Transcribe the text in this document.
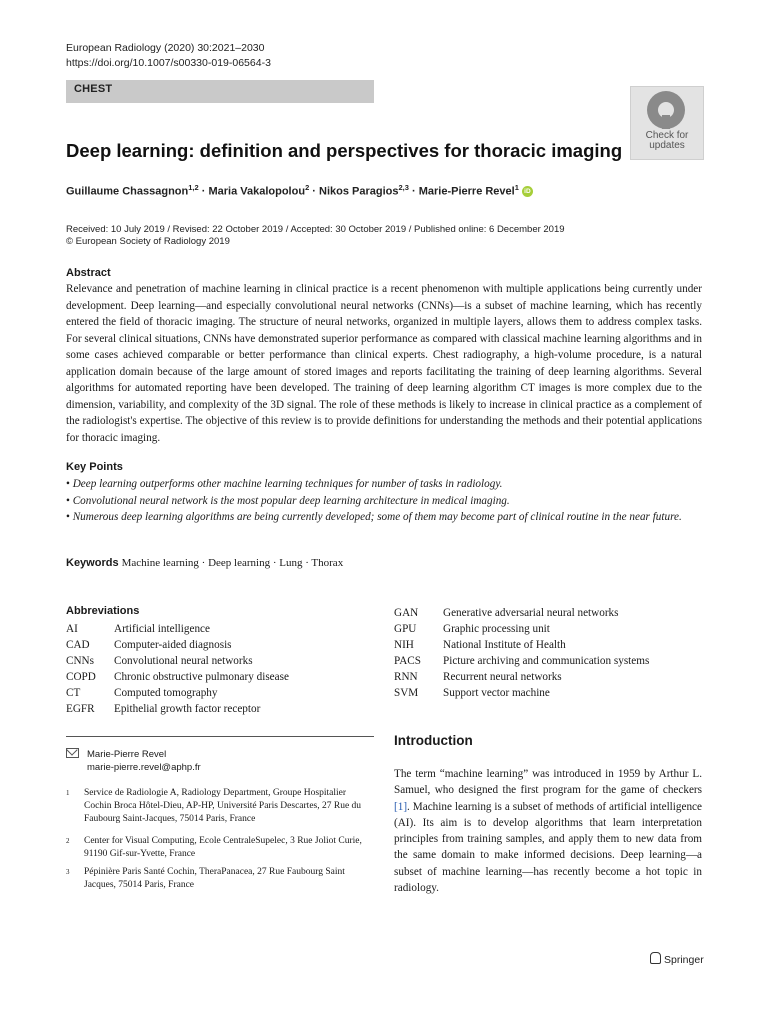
European Radiology (2020) 30:2021–2030
https://doi.org/10.1007/s00330-019-06564-3
CHEST
Check for
updates
Deep learning: definition and perspectives for thoracic imaging
Guillaume Chassagnon$^{1,2}$ · Maria Vakalopolou$^2$ · Nikos Paragios$^{2,3}$ · Marie-Pierre Revel$^1$ iD
Received: 10 July 2019 / Revised: 22 October 2019 / Accepted: 30 October 2019 / Published online: 6 December 2019
© European Society of Radiology 2019
Abstract
Relevance and penetration of machine learning in clinical practice is a recent phenomenon with multiple applications being currently under development. Deep learning—and especially convolutional neural networks (CNNs)—is a subset of machine learning, which has recently entered the field of thoracic imaging. The structure of neural networks, organized in multiple layers, allows them to address complex tasks. For several clinical situations, CNNs have demonstrated superior performance as compared with classical machine learning algorithms and in some cases achieved comparable or better performance than clinical experts. Chest radiography, a high-volume procedure, is a natural application domain because of the large amount of stored images and reports facilitating the training of deep learning algorithms. Several algorithms for automated reporting have been developed. The training of deep learning algorithm CT images is more complex due to the dimension, variability, and complexity of the 3D signal. The role of these methods is likely to increase in clinical practice as a complement of the radiologist's expertise. The objective of this review is to provide definitions for understanding the methods and their potential applications for thoracic imaging.
Key Points
• Deep learning outperforms other machine learning techniques for number of tasks in radiology.
• Convolutional neural network is the most popular deep learning architecture in medical imaging.
• Numerous deep learning algorithms are being currently developed; some of them may become part of clinical routine in the near future.
Keywords Machine learning · Deep learning · Lung · Thorax
Abbreviations
AI	Artificial intelligence
CAD	Computer-aided diagnosis
CNNs	Convolutional neural networks
COPD	Chronic obstructive pulmonary disease
CT	Computed tomography
EGFR	Epithelial growth factor receptor
GAN	Generative adversarial neural networks
GPU	Graphic processing unit
NIH	National Institute of Health
PACS	Picture archiving and communication systems
RNN	Recurrent neural networks
SVM	Support vector machine
Marie-Pierre Revel
marie-pierre.revel@aphp.fr
1 Service de Radiologie A, Radiology Department, Groupe Hospitalier Cochin Broca Hôtel-Dieu, AP-HP, Université Paris Descartes, 27 Rue du Faubourg Saint-Jacques, 75014 Paris, France
2 Center for Visual Computing, Ecole CentraleSupelec, 3 Rue Joliot Curie, 91190 Gif-sur-Yvette, France
3 Pépinière Paris Santé Cochin, TheraPanacea, 27 Rue Faubourg Saint Jacques, 75014 Paris, France
Introduction
The term “machine learning” was introduced in 1959 by Arthur L. Samuel, who designed the first program for the game of checkers [1]. Machine learning is a subset of methods of artificial intelligence (AI). Its aim is to develop algorithms that learn interpretation principles from training samples, and apply them to new data from the same domain to make informed decisions. Deep learning—a subset of machine learning—has recently become a hot topic in radiology.
Springer
